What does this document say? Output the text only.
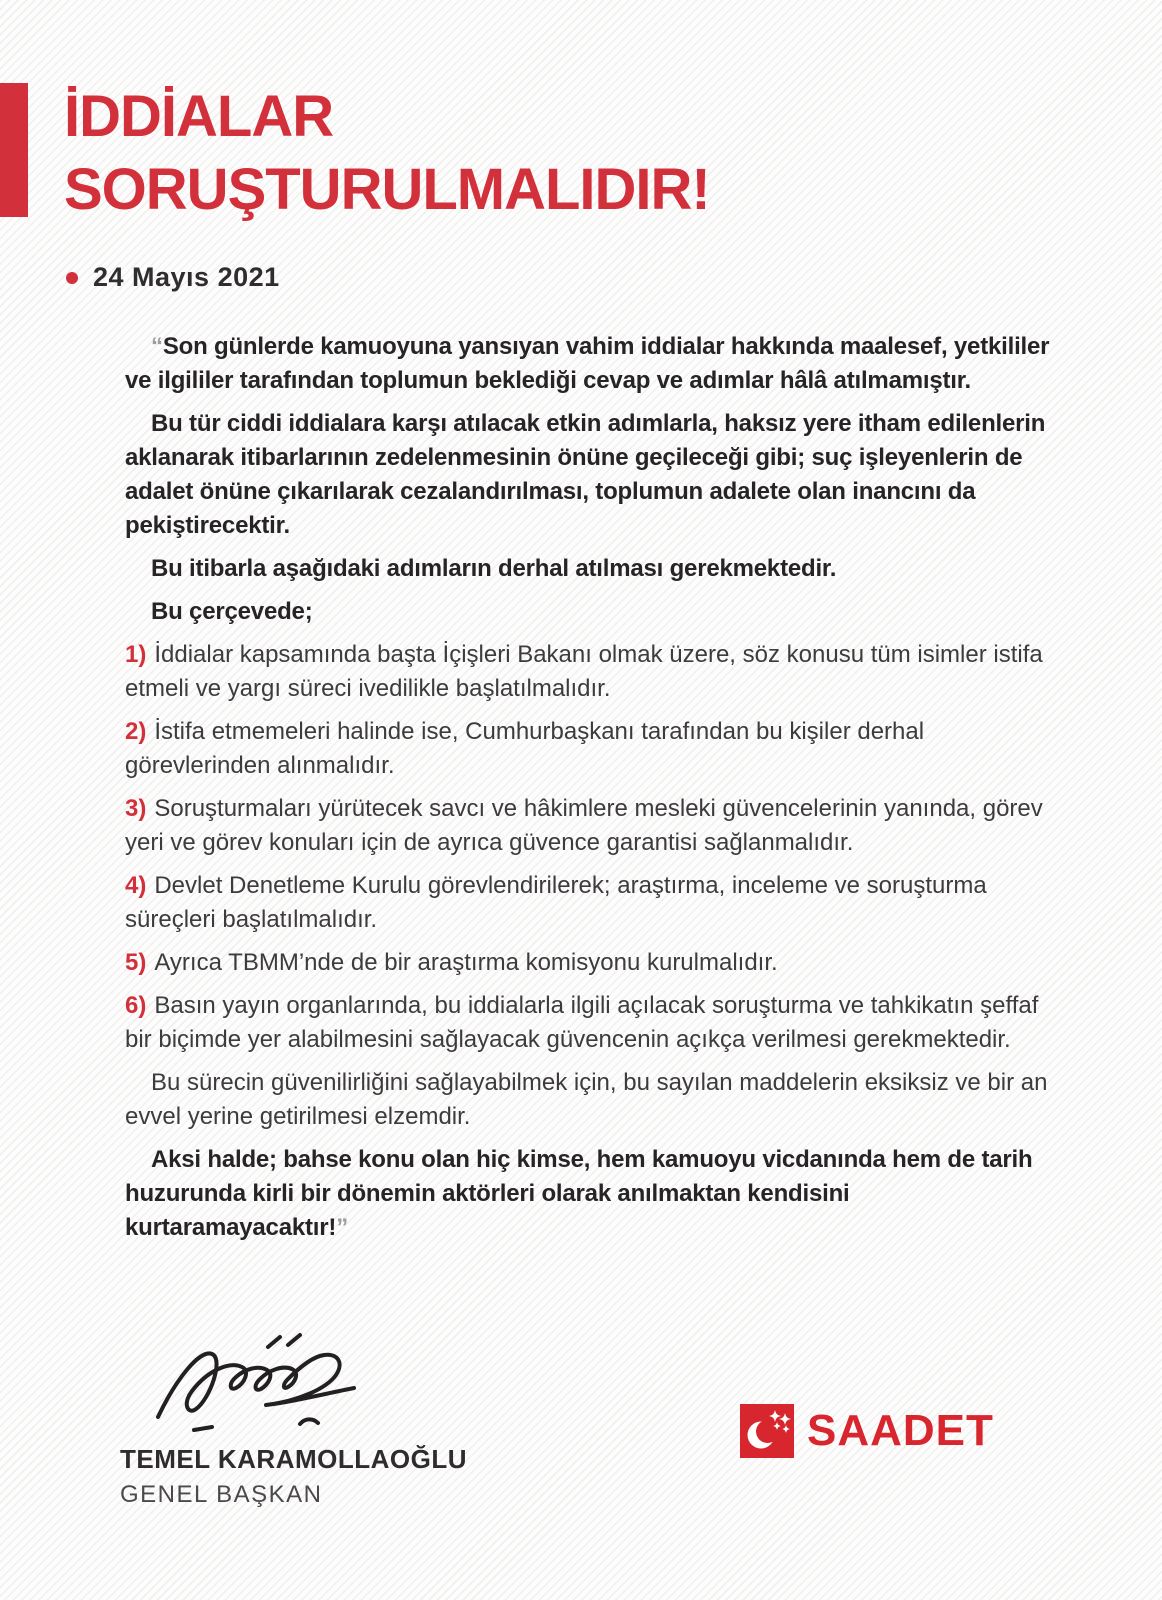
İDDİALAR
SORUŞTURULMALIDIR!
24 Mayıs 2021

“Son günlerde kamuoyuna yansıyan vahim iddialar hakkında maalesef, yetkililer ve ilgililer tarafından toplumun beklediği cevap ve adımlar hâlâ atılmamıştır.

Bu tür ciddi iddialara karşı atılacak etkin adımlarla, haksız yere itham edilenlerin aklanarak itibarlarının zedelenmesinin önüne geçileceği gibi; suç işleyenlerin de adalet önüne çıkarılarak cezalandırılması, toplumun adalete olan inancını da pekiştirecektir.

Bu itibarla aşağıdaki adımların derhal atılması gerekmektedir.

Bu çerçevede;

1) İddialar kapsamında başta İçişleri Bakanı olmak üzere, söz konusu tüm isimler istifa etmeli ve yargı süreci ivedilikle başlatılmalıdır.

2) İstifa etmemeleri halinde ise, Cumhurbaşkanı tarafından bu kişiler derhal görevlerinden alınmalıdır.

3) Soruşturmaları yürütecek savcı ve hâkimlere mesleki güvencelerinin yanında, görev yeri ve görev konuları için de ayrıca güvence garantisi sağlanmalıdır.

4) Devlet Denetleme Kurulu görevlendirilerek; araştırma, inceleme ve soruşturma süreçleri başlatılmalıdır.

5) Ayrıca TBMM’nde de bir araştırma komisyonu kurulmalıdır.

6) Basın yayın organlarında, bu iddialarla ilgili açılacak soruşturma ve tahkikatın şeffaf bir biçimde yer alabilmesini sağlayacak güvencenin açıkça verilmesi gerekmektedir.

Bu sürecin güvenilirliğini sağlayabilmek için, bu sayılan maddelerin eksiksiz ve bir an evvel yerine getirilmesi elzemdir.

Aksi halde; bahse konu olan hiç kimse, hem kamuoyu vicdanında hem de tarih huzurunda kirli bir dönemin aktörleri olarak anılmaktan kendisini kurtaramayacaktır!”

TEMEL KARAMOLLAOĞLU
GENEL BAŞKAN
SAADET
